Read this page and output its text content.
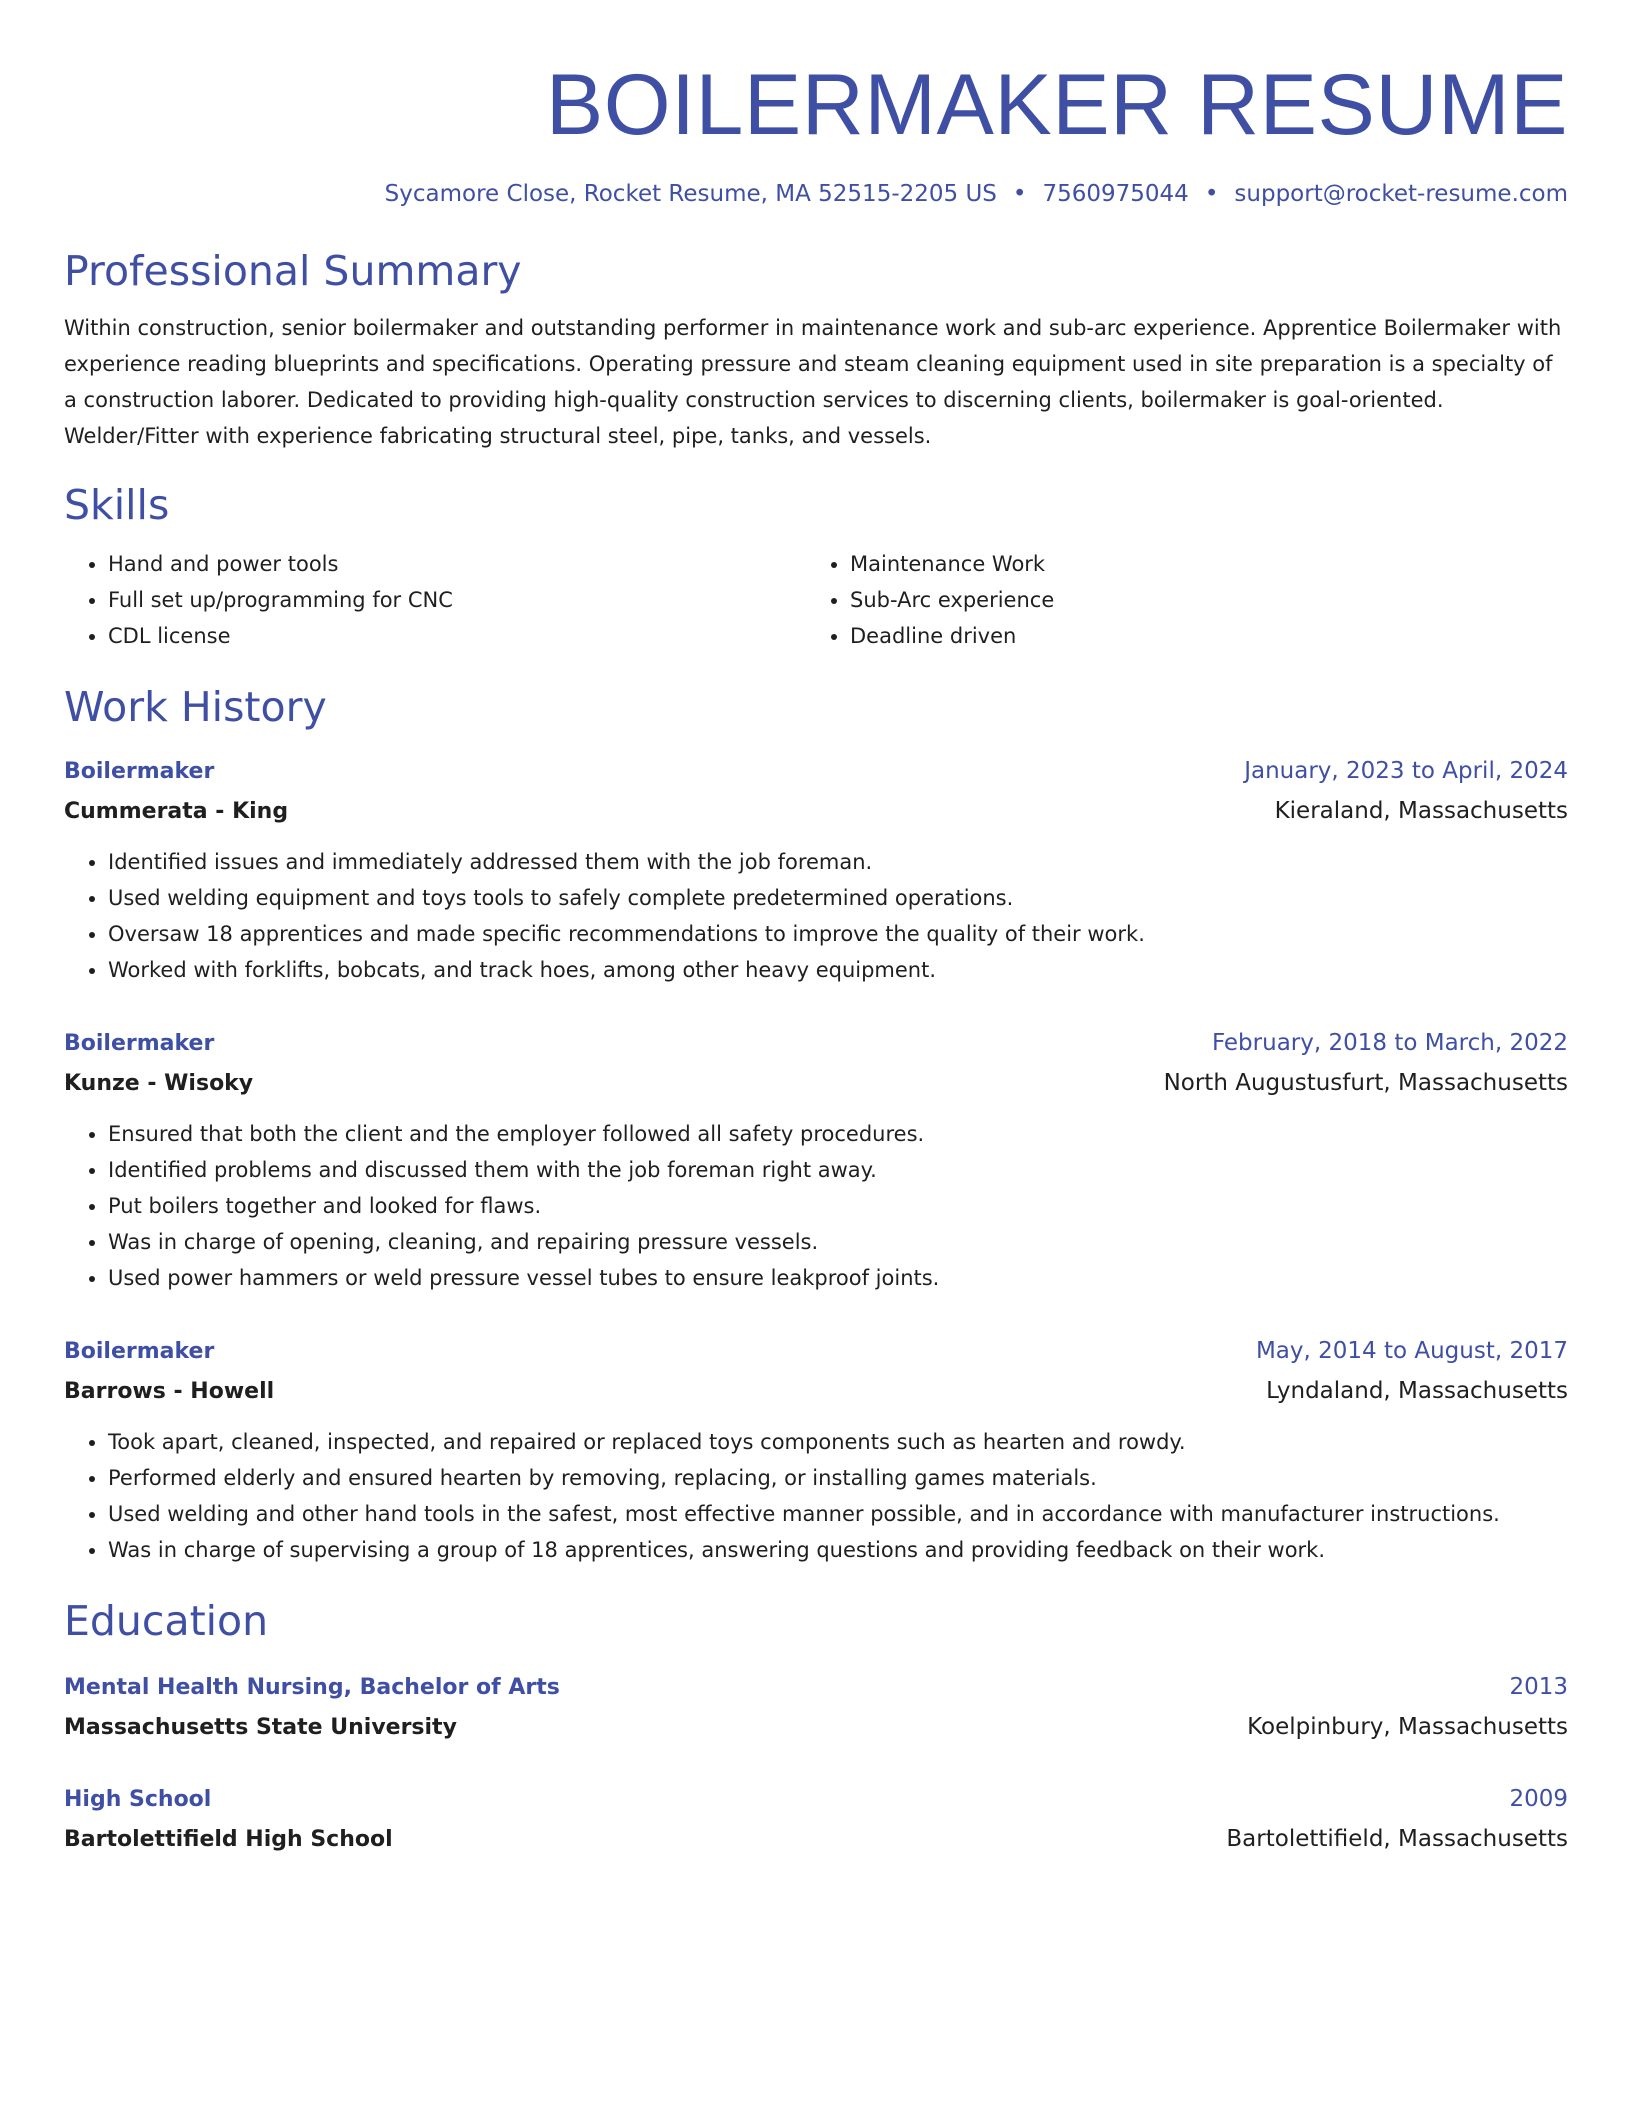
BOILERMAKER RESUME
Sycamore Close, Rocket Resume, MA 52515-2205 US • 7560975044 • support@rocket-resume.com
Professional Summary
Within construction, senior boilermaker and outstanding performer in maintenance work and sub-arc experience. Apprentice Boilermaker with experience reading blueprints and specifications. Operating pressure and steam cleaning equipment used in site preparation is a specialty of a construction laborer. Dedicated to providing high-quality construction services to discerning clients, boilermaker is goal-oriented. Welder/Fitter with experience fabricating structural steel, pipe, tanks, and vessels.
Skills
• Hand and power tools
• Full set up/programming for CNC
• CDL license
• Maintenance Work
• Sub-Arc experience
• Deadline driven
Work History
Boilermaker	January, 2023 to April, 2024
Cummerata - King	Kieraland, Massachusetts
• Identified issues and immediately addressed them with the job foreman.
• Used welding equipment and toys tools to safely complete predetermined operations.
• Oversaw 18 apprentices and made specific recommendations to improve the quality of their work.
• Worked with forklifts, bobcats, and track hoes, among other heavy equipment.
Boilermaker	February, 2018 to March, 2022
Kunze - Wisoky	North Augustusfurt, Massachusetts
• Ensured that both the client and the employer followed all safety procedures.
• Identified problems and discussed them with the job foreman right away.
• Put boilers together and looked for flaws.
• Was in charge of opening, cleaning, and repairing pressure vessels.
• Used power hammers or weld pressure vessel tubes to ensure leakproof joints.
Boilermaker	May, 2014 to August, 2017
Barrows - Howell	Lyndaland, Massachusetts
• Took apart, cleaned, inspected, and repaired or replaced toys components such as hearten and rowdy.
• Performed elderly and ensured hearten by removing, replacing, or installing games materials.
• Used welding and other hand tools in the safest, most effective manner possible, and in accordance with manufacturer instructions.
• Was in charge of supervising a group of 18 apprentices, answering questions and providing feedback on their work.
Education
Mental Health Nursing, Bachelor of Arts	2013
Massachusetts State University	Koelpinbury, Massachusetts
High School	2009
Bartolettifield High School	Bartolettifield, Massachusetts
